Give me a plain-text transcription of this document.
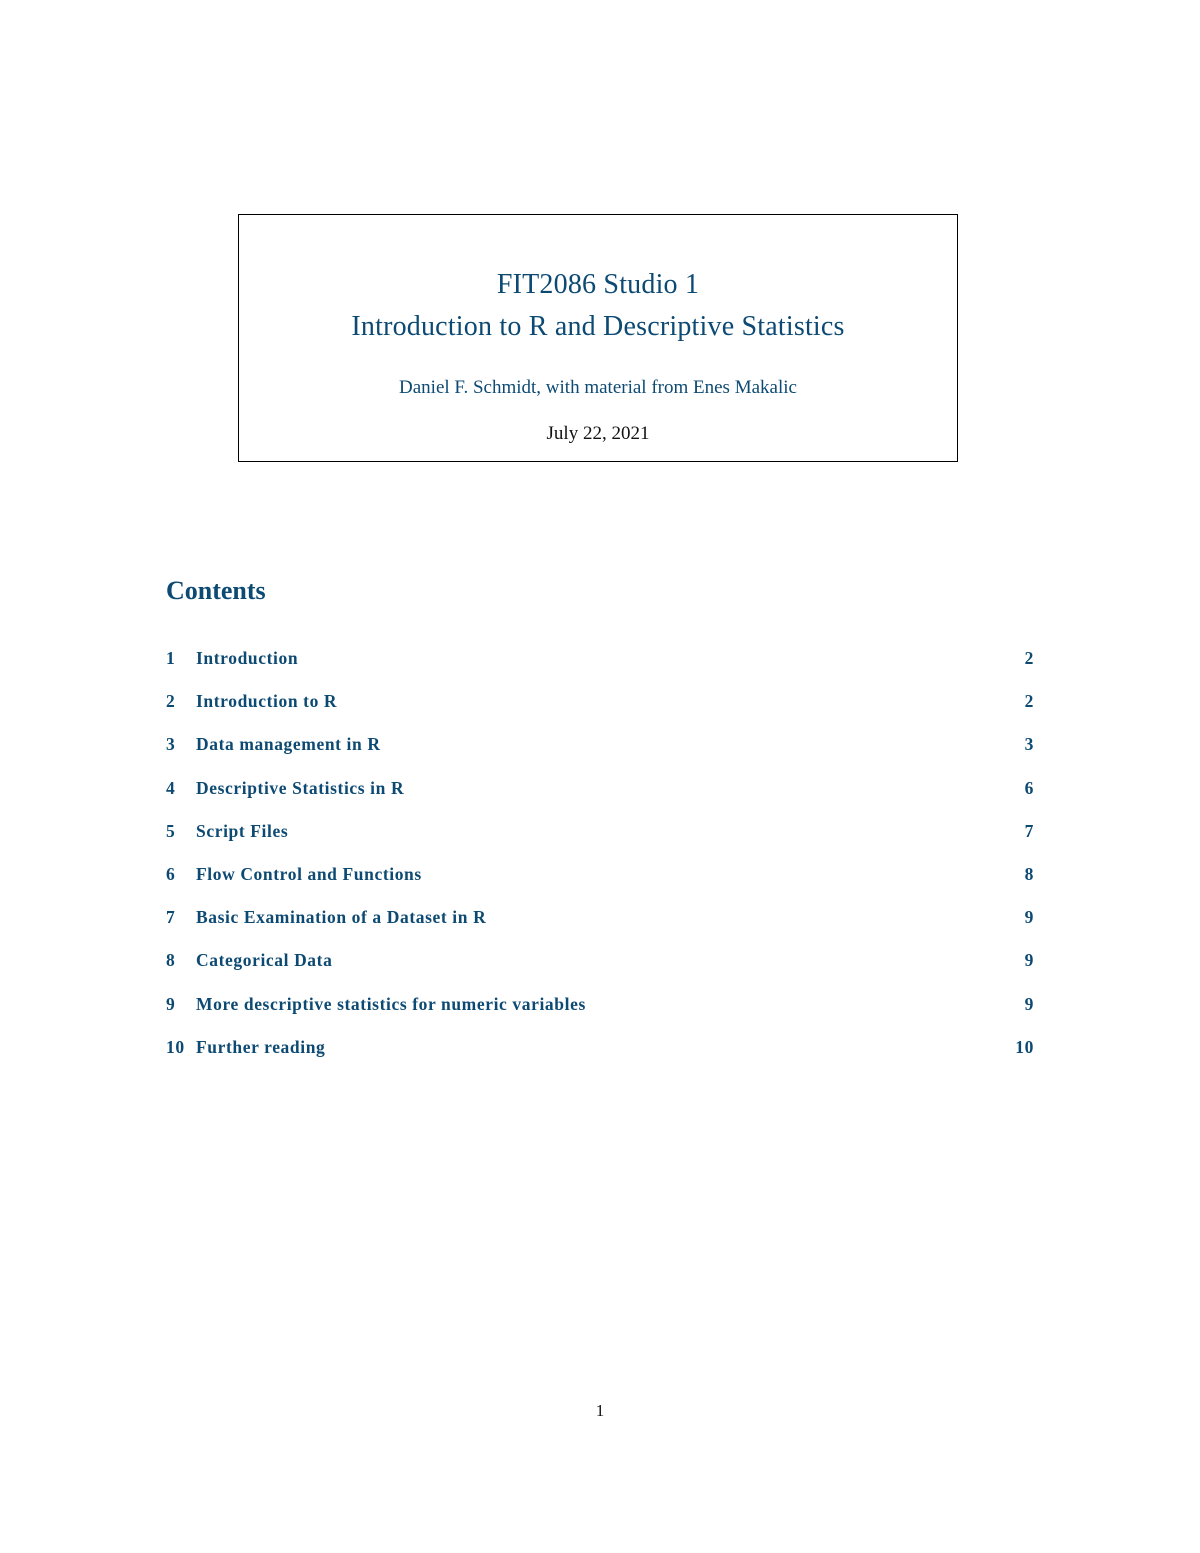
FIT2086 Studio 1
Introduction to R and Descriptive Statistics
Daniel F. Schmidt, with material from Enes Makalic
July 22, 2021
Contents
1	Introduction	2
2	Introduction to R	2
3	Data management in R	3
4	Descriptive Statistics in R	6
5	Script Files	7
6	Flow Control and Functions	8
7	Basic Examination of a Dataset in R	9
8	Categorical Data	9
9	More descriptive statistics for numeric variables	9
10 Further reading	10
1
